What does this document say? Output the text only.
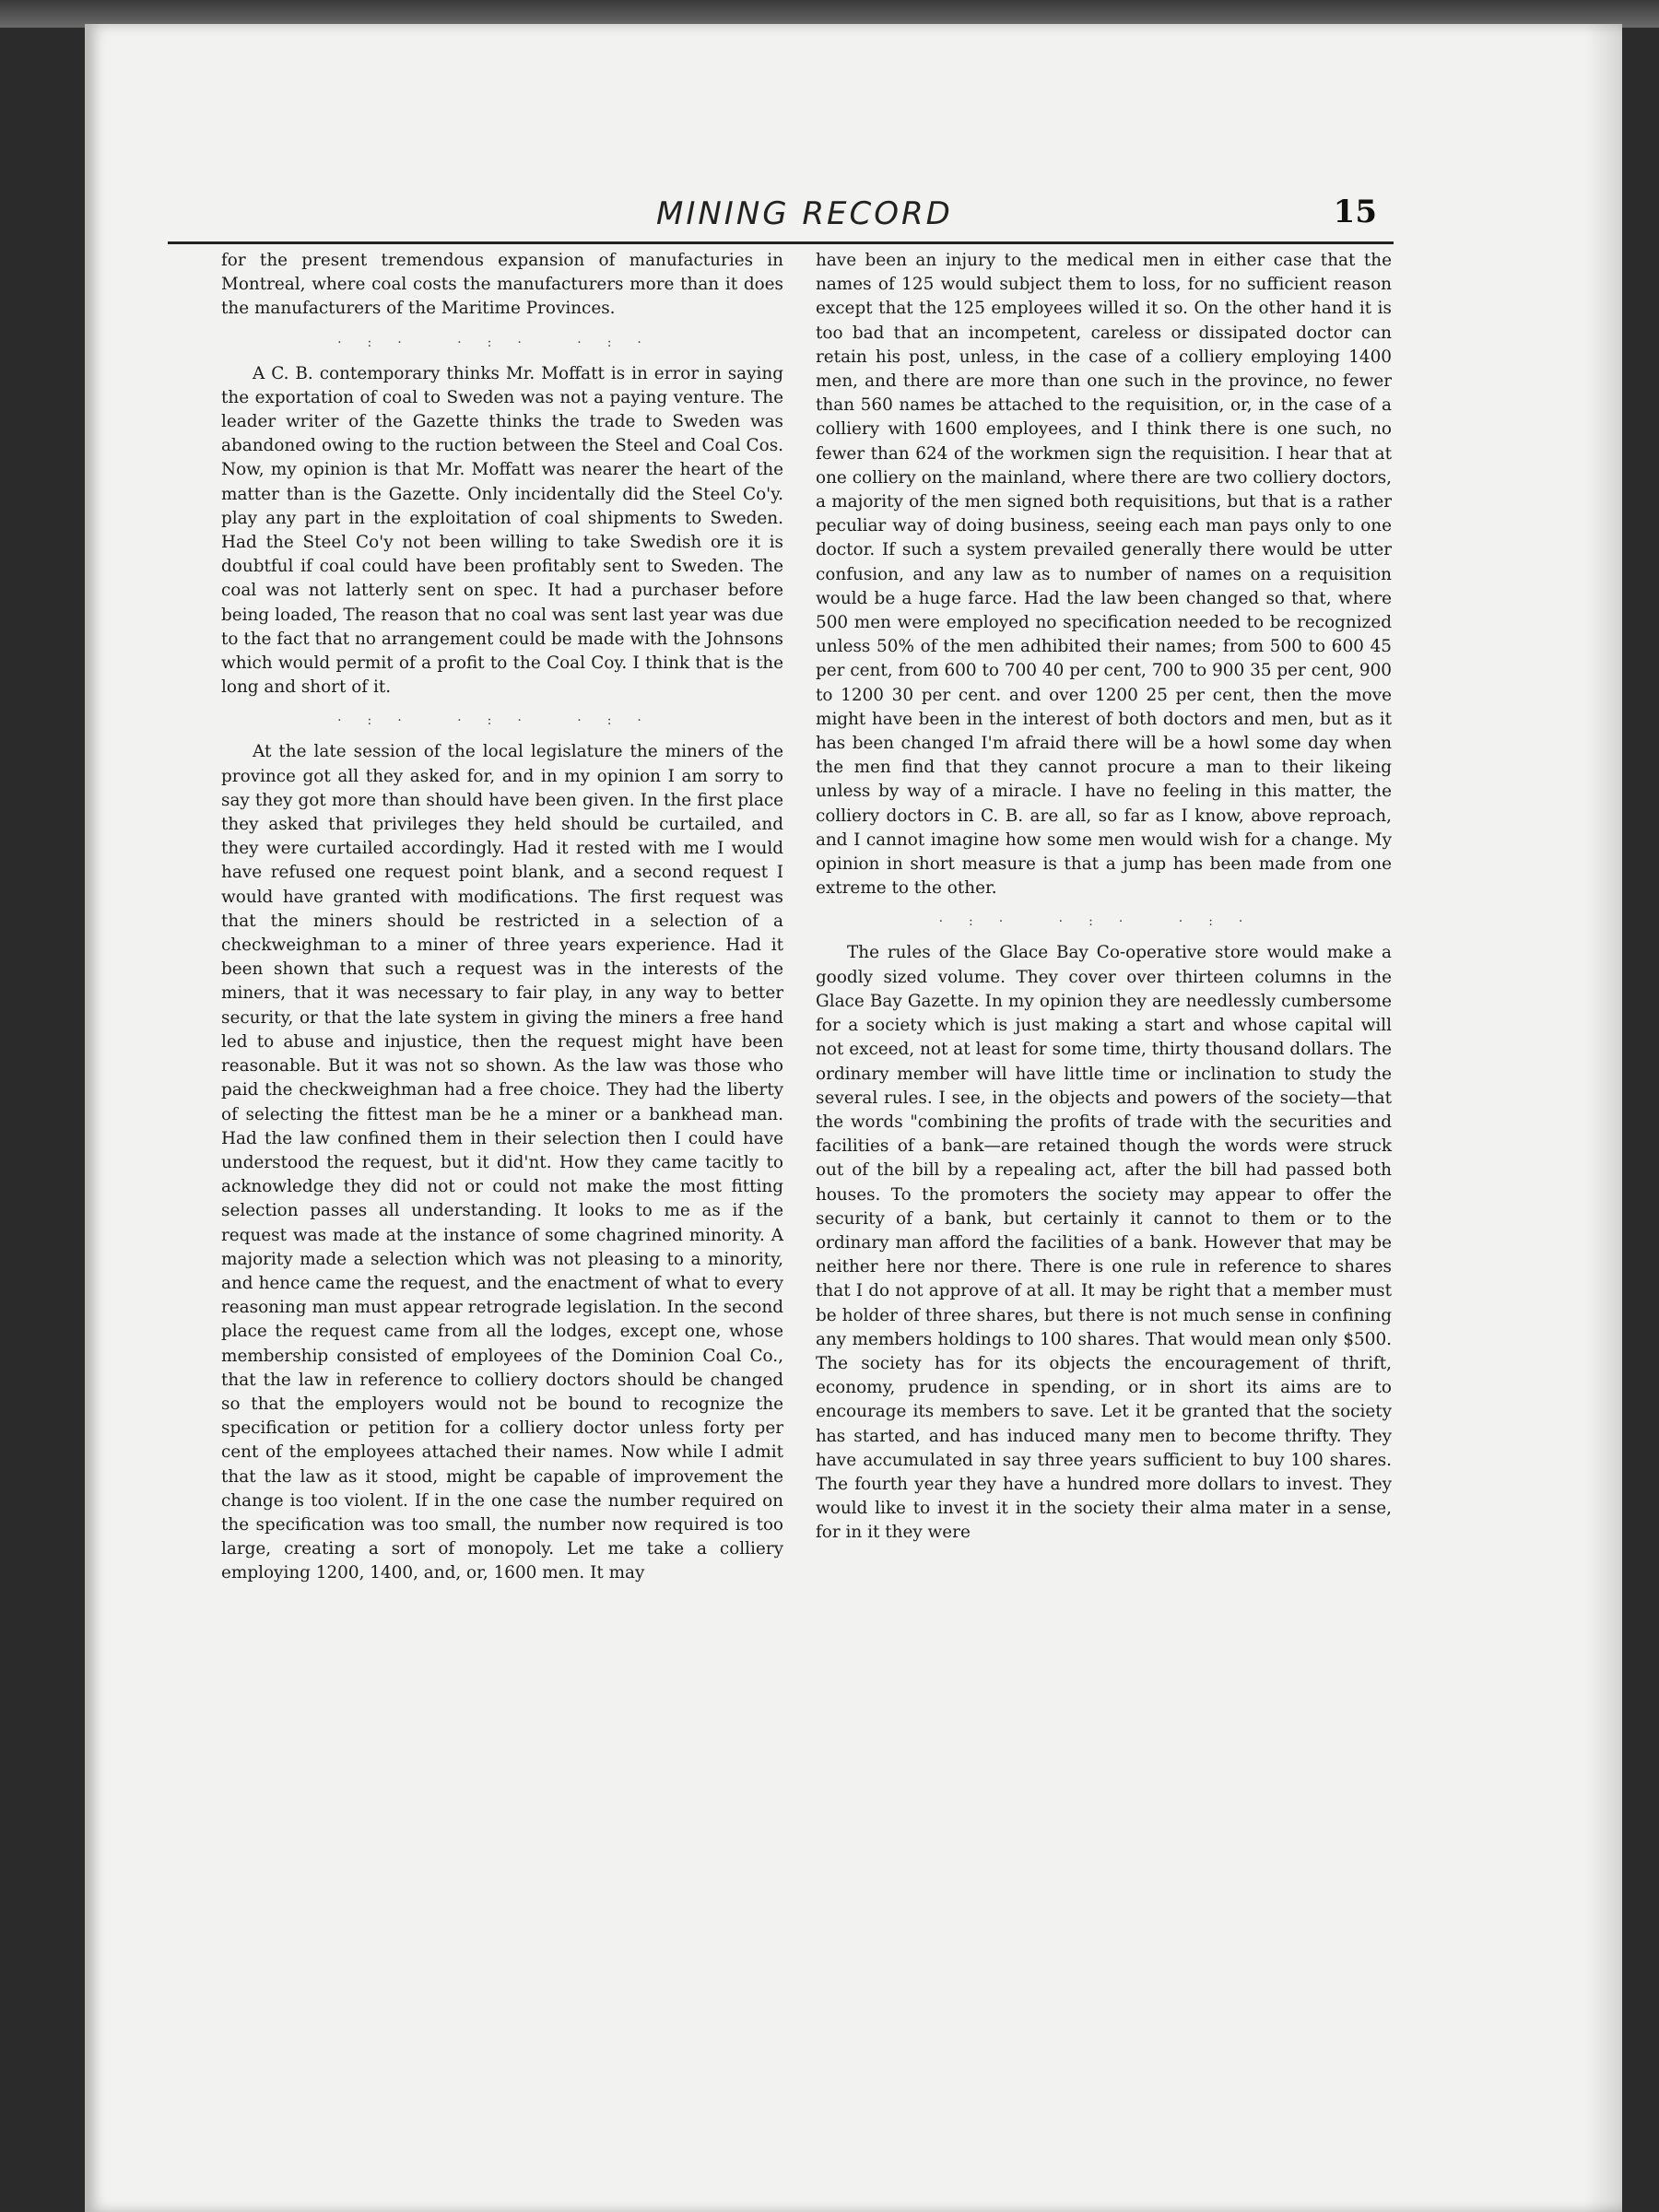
MINING RECORD	15

for the present tremendous expansion of manufacturies in Montreal, where coal costs the manufacturers more than it does the manufacturers of the Maritime Provinces.

·:· ·:· ·:·

A C. B. contemporary thinks Mr. Moffatt is in error in saying the exportation of coal to Sweden was not a paying venture. The leader writer of the Gazette thinks the trade to Sweden was abandoned owing to the ruction between the Steel and Coal Cos. Now, my opinion is that Mr. Moffatt was nearer the heart of the matter than is the Gazette. Only incidentally did the Steel Co'y. play any part in the exploitation of coal shipments to Sweden. Had the Steel Co'y not been willing to take Swedish ore it is doubtful if coal could have been profitably sent to Sweden. The coal was not latterly sent on spec. It had a purchaser before being loaded, The reason that no coal was sent last year was due to the fact that no arrangement could be made with the Johnsons which would permit of a profit to the Coal Coy. I think that is the long and short of it.

·:· ·:· ·:·

At the late session of the local legislature the miners of the province got all they asked for, and in my opinion I am sorry to say they got more than should have been given. In the first place they asked that privileges they held should be curtailed, and they were curtailed accordingly. Had it rested with me I would have refused one request point blank, and a second request I would have granted with modifications. The first request was that the miners should be restricted in a selection of a checkweighman to a miner of three years experience. Had it been shown that such a request was in the interests of the miners, that it was necessary to fair play, in any way to better security, or that the late system in giving the miners a free hand led to abuse and injustice, then the request might have been reasonable. But it was not so shown. As the law was those who paid the checkweighman had a free choice. They had the liberty of selecting the fittest man be he a miner or a bankhead man. Had the law confined them in their selection then I could have understood the request, but it did'nt. How they came tacitly to acknowledge they did not or could not make the most fitting selection passes all understanding. It looks to me as if the request was made at the instance of some chagrined minority. A majority made a selection which was not pleasing to a minority, and hence came the request, and the enactment of what to every reasoning man must appear retrograde legislation. In the second place the request came from all the lodges, except one, whose membership consisted of employees of the Dominion Coal Co., that the law in reference to colliery doctors should be changed so that the employers would not be bound to recognize the specification or petition for a colliery doctor unless forty per cent of the employees attached their names. Now while I admit that the law as it stood, might be capable of improvement the change is too violent. If in the one case the number required on the specification was too small, the number now required is too large, creating a sort of monopoly. Let me take a colliery employing 1200, 1400, and, or, 1600 men. It may

have been an injury to the medical men in either case that the names of 125 would subject them to loss, for no sufficient reason except that the 125 employees willed it so. On the other hand it is too bad that an incompetent, careless or dissipated doctor can retain his post, unless, in the case of a colliery employing 1400 men, and there are more than one such in the province, no fewer than 560 names be attached to the requisition, or, in the case of a colliery with 1600 employees, and I think there is one such, no fewer than 624 of the workmen sign the requisition. I hear that at one colliery on the mainland, where there are two colliery doctors, a majority of the men signed both requisitions, but that is a rather peculiar way of doing business, seeing each man pays only to one doctor. If such a system prevailed generally there would be utter confusion, and any law as to number of names on a requisition would be a huge farce. Had the law been changed so that, where 500 men were employed no specification needed to be recognized unless 50% of the men adhibited their names; from 500 to 600 45 per cent, from 600 to 700 40 per cent, 700 to 900 35 per cent, 900 to 1200 30 per cent. and over 1200 25 per cent, then the move might have been in the interest of both doctors and men, but as it has been changed I'm afraid there will be a howl some day when the men find that they cannot procure a man to their likeing unless by way of a miracle. I have no feeling in this matter, the colliery doctors in C. B. are all, so far as I know, above reproach, and I cannot imagine how some men would wish for a change. My opinion in short measure is that a jump has been made from one extreme to the other.

·:· ·:· ·:·

The rules of the Glace Bay Co-operative store would make a goodly sized volume. They cover over thirteen columns in the Glace Bay Gazette. In my opinion they are needlessly cumbersome for a society which is just making a start and whose capital will not exceed, not at least for some time, thirty thousand dollars. The ordinary member will have little time or inclination to study the several rules. I see, in the objects and powers of the society—that the words "combining the profits of trade with the securities and facilities of a bank—are retained though the words were struck out of the bill by a repealing act, after the bill had passed both houses. To the promoters the society may appear to offer the security of a bank, but certainly it cannot to them or to the ordinary man afford the facilities of a bank. However that may be neither here nor there. There is one rule in reference to shares that I do not approve of at all. It may be right that a member must be holder of three shares, but there is not much sense in confining any members holdings to 100 shares. That would mean only $500. The society has for its objects the encouragement of thrift, economy, prudence in spending, or in short its aims are to encourage its members to save. Let it be granted that the society has started, and has induced many men to become thrifty. They have accumulated in say three years sufficient to buy 100 shares. The fourth year they have a hundred more dollars to invest. They would like to invest it in the society their alma mater in a sense, for in it they were
